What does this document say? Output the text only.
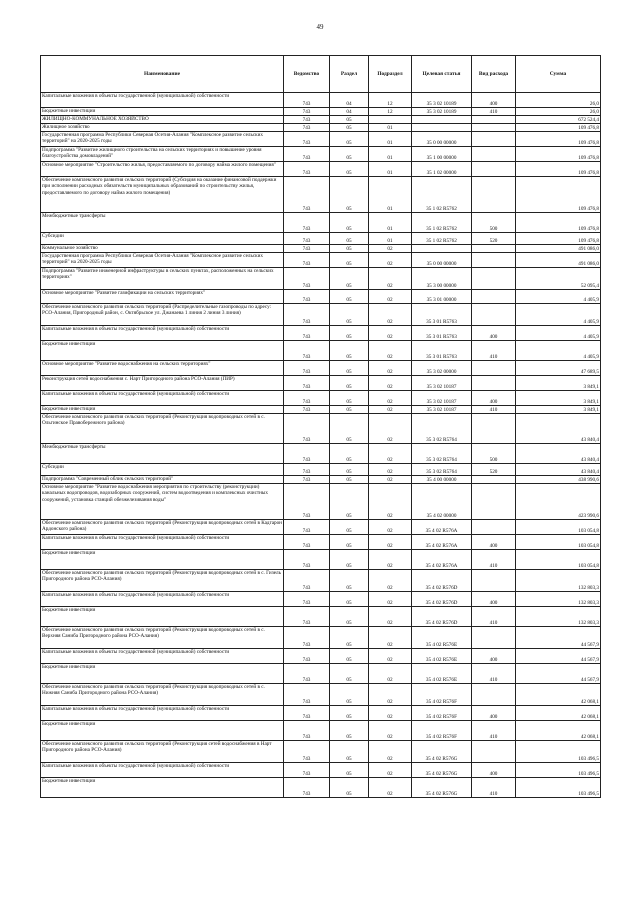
49
Наименование	Ведомство	Раздел	Подраздел	Целевая статья	Вид расхода	Сумма
Капитальные вложения в объекты государственной (муниципальной) собственности	743	04	12	35 3 02 10189	400	26,0
Бюджетные инвестиции	743	04	12	35 3 02 10189	410	26,0
ЖИЛИЩНО-КОММУНАЛЬНОЕ ХОЗЯЙСТВО	743	05				672 524,4
Жилищное хозяйство	743	05	01			109 476,8
Государственная программа Республики Северная Осетия-Алания "Комплексное развитие сельских территорий" на 2020-2025 годы	743	05	01	35 0 00 00000		109 476,8
Подпрограмма "Развитие жилищного строительства на сельских территориях и повышение уровня благоустройства домовладений"	743	05	01	35 1 00 00000		109 476,8
Основное мероприятие "Строительство жилья, предоставляемого по договору найма жилого помещения"	743	05	01	35 1 02 00000		109 476,8
Обеспечение комплексного развития сельских территорий (Субсидия на оказание финансовой поддержки при исполнении расходных обязательств муниципальных образований по строительству жилья, предоставляемого по договору найма жилого помещения)	743	05	01	35 1 02 R5762		109 476,8
Межбюджетные трансферты	743	05	01	35 1 02 R5762	500	109 476,8
Субсидии	743	05	01	35 1 02 R5762	520	109 476,8
Коммунальное хозяйство	743	05	02			491 086,0
Государственная программа Республики Северная Осетия-Алания "Комплексное развитие сельских территорий" на 2020-2025 годы	743	05	02	35 0 00 00000		491 086,0
Подпрограмма "Развитие инженерной инфраструктуры в сельских пунктах, расположенных на сельских территориях"	743	05	02	35 3 00 00000		52 095,4
Основное мероприятие "Развитие газификации на сельских территориях"	743	05	02	35 3 01 00000		4 405,9
Обеспечение комплексного развития сельских территорий (Распределительные газопроводы по адресу: РСО-Алания, Пригородный район, с. Октябрьское ул. Джанаева 1 линия 2 линия 3 линия)	743	05	02	35 3 01 R5763		4 405,9
Капитальные вложения в объекты государственной (муниципальной) собственности	743	05	02	35 3 01 R5763	400	4 405,9
Бюджетные инвестиции	743	05	02	35 3 01 R5763	410	4 405,9
Основное мероприятие "Развитие водоснабжения на сельских территориях"	743	05	02	35 3 02 00000		47 689,5
Реконструкция сетей водоснабжения с. Нарт Пригородного района РСО-Алания (ПИР)	743	05	02	35 3 02 10187		3 849,1
Капитальные вложения в объекты государственной (муниципальной) собственности	743	05	02	35 3 02 10187	400	3 849,1
Бюджетные инвестиции	743	05	02	35 3 02 10187	410	3 849,1
Обеспечение комплексного развития сельских территорий (Реконструкция водопроводных сетей в с. Ольгинское Правобережного района)	743	05	02	35 3 02 R5764		43 840,4
Межбюджетные трансферты	743	05	02	35 3 02 R5764	500	43 840,4
Субсидии	743	05	02	35 3 02 R5764	520	43 840,4
Подпрограмма "Современный облик сельских территорий"	743	05	02	35 4 00 00000		438 990,6
Основное мероприятие "Развитие водоснабжения мероприятия по строительству (реконструкции) канальных водопроводов, водозаборных сооружений, систем водоотведения и комплексных очистных сооружений, установка станций обезжелезивания воды"	743	05	02	35 4 02 00000		423 990,6
Обеспечение комплексного развития сельских территорий (Реконструкция водопроводных сетей в Кадгарон Ардонского района)	743	05	02	35 4 02 R576A		103 054,8
Капитальные вложения в объекты государственной (муниципальной) собственности	743	05	02	35 4 02 R576A	400	103 054,8
Бюджетные инвестиции	743	05	02	35 4 02 R576A	410	103 054,8
Обеспечение комплексного развития сельских территорий (Реконструкция водопроводных сетей в с. Гизель Пригородного района РСО-Алания)	743	05	02	35 4 02 R576D		132 803,3
Капитальные вложения в объекты государственной (муниципальной) собственности	743	05	02	35 4 02 R576D	400	132 803,3
Бюджетные инвестиции	743	05	02	35 4 02 R576D	410	132 803,3
Обеспечение комплексного развития сельских территорий (Реконструкция водопроводных сетей в с. Верхняя Саниба Пригородного района РСО-Алания)	743	05	02	35 4 02 R576E		44 567,9
Капитальные вложения в объекты государственной (муниципальной) собственности	743	05	02	35 4 02 R576E	400	44 567,9
Бюджетные инвестиции	743	05	02	35 4 02 R576E	410	44 567,9
Обеспечение комплексного развития сельских территорий (Реконструкция водопроводных сетей в с. Нижняя Саниба Пригородного района РСО-Алания)	743	05	02	35 4 02 R576F		42 068,1
Капитальные вложения в объекты государственной (муниципальной) собственности	743	05	02	35 4 02 R576F	400	42 068,1
Бюджетные инвестиции	743	05	02	35 4 02 R576F	410	42 068,1
Обеспечение комплексного развития сельских территорий (Реконструкция сетей водоснабжения в Нарт Пригородного района РСО-Алания)	743	05	02	35 4 02 R576G		103 496,5
Капитальные вложения в объекты государственной (муниципальной) собственности	743	05	02	35 4 02 R576G	400	103 496,5
Бюджетные инвестиции	743	05	02	35 4 02 R576G	410	103 496,5
